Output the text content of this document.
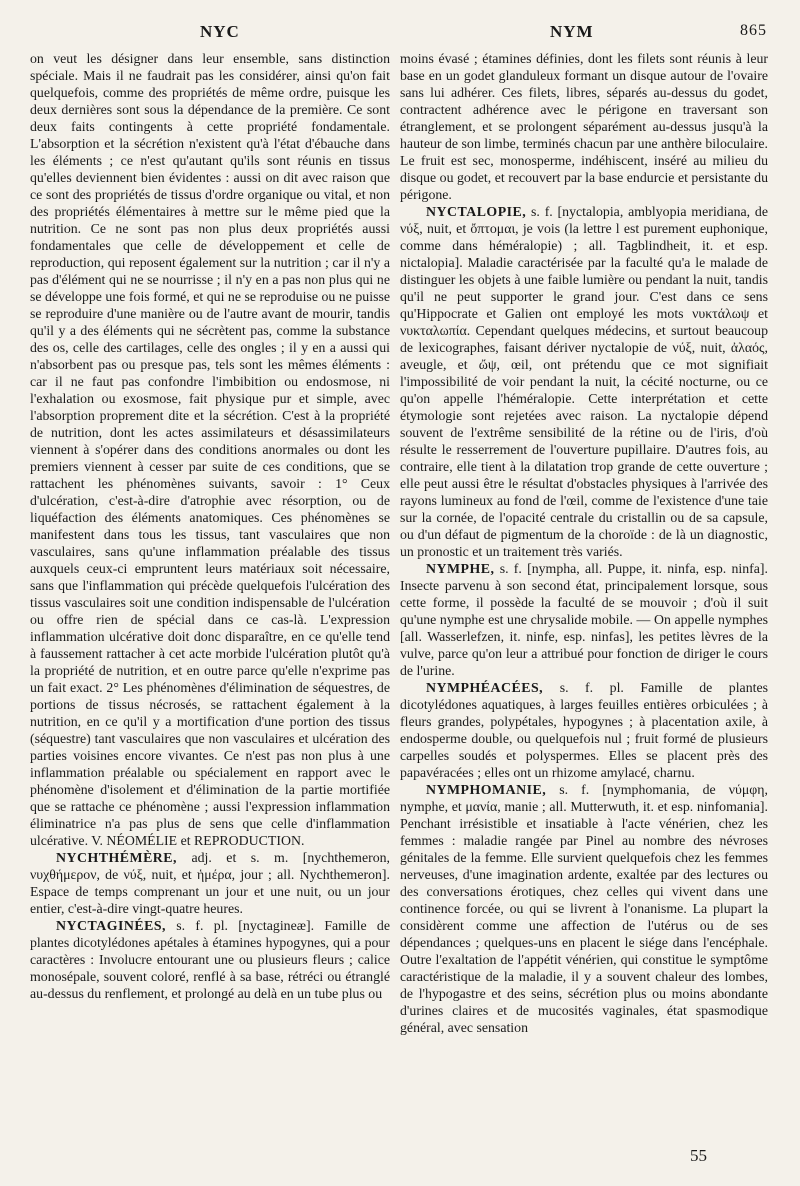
NYC	NYM	865

on veut les désigner dans leur ensemble, sans distinction spéciale. Mais il ne faudrait pas les considérer, ainsi qu'on fait quelquefois, comme des propriétés de même ordre, puisque les deux dernières sont sous la dépendance de la première. Ce sont deux faits contingents à cette propriété fondamentale. L'absorption et la sécrétion n'existent qu'à l'état d'ébauche dans les éléments ; ce n'est qu'autant qu'ils sont réunis en tissus qu'elles deviennent bien évidentes : aussi on dit avec raison que ce sont des propriétés de tissus d'ordre organique ou vital, et non des propriétés élémentaires à mettre sur le même pied que la nutrition. Ce ne sont pas non plus deux propriétés aussi fondamentales que celle de développement et celle de reproduction, qui reposent également sur la nutrition ; car il n'y a pas d'élément qui ne se nourrisse ; il n'y en a pas non plus qui ne se développe une fois formé, et qui ne se reproduise ou ne puisse se reproduire d'une manière ou de l'autre avant de mourir, tandis qu'il y a des éléments qui ne sécrètent pas, comme la substance des os, celle des cartilages, celle des ongles ; il y en a aussi qui n'absorbent pas ou presque pas, tels sont les mêmes éléments : car il ne faut pas confondre l'imbibition ou endosmose, ni l'exhalation ou exosmose, fait physique pur et simple, avec l'absorption proprement dite et la sécrétion. C'est à la propriété de nutrition, dont les actes assimilateurs et désassimilateurs viennent à s'opérer dans des conditions anormales ou dont les premiers viennent à cesser par suite de ces conditions, que se rattachent les phénomènes suivants, savoir : 1° Ceux d'ulcération, c'est-à-dire d'atrophie avec résorption, ou de liquéfaction des éléments anatomiques. Ces phénomènes se manifestent dans tous les tissus, tant vasculaires que non vasculaires, sans qu'une inflammation préalable des tissus auxquels ceux-ci empruntent leurs matériaux soit nécessaire, sans que l'inflammation qui précède quelquefois l'ulcération des tissus vasculaires soit une condition indispensable de l'ulcération ou offre rien de spécial dans ce cas-là. L'expression inflammation ulcérative doit donc disparaître, en ce qu'elle tend à faussement rattacher à cet acte morbide l'ulcération plutôt qu'à la propriété de nutrition, et en outre parce qu'elle n'exprime pas un fait exact. 2° Les phénomènes d'élimination de séquestres, de portions de tissus nécrosés, se rattachent également à la nutrition, en ce qu'il y a mortification d'une portion des tissus (séquestre) tant vasculaires que non vasculaires et ulcération des parties voisines encore vivantes. Ce n'est pas non plus à une inflammation préalable ou spécialement en rapport avec le phénomène d'isolement et d'élimination de la partie mortifiée que se rattache ce phénomène ; aussi l'expression inflammation éliminatrice n'a pas plus de sens que celle d'inflammation ulcérative. V. NÉOMÉLIE et REPRODUCTION.

NYCHTHÉMÈRE, adj. et s. m. [nychthemeron, νυχθήμερον, de νύξ, nuit, et ἡμέρα, jour ; all. Nychthemeron]. Espace de temps comprenant un jour et une nuit, ou un jour entier, c'est-à-dire vingt-quatre heures.

NYCTAGINÉES, s. f. pl. [nyctagineæ]. Famille de plantes dicotylédones apétales à étamines hypogynes, qui a pour caractères : Involucre entourant une ou plusieurs fleurs ; calice monosépale, souvent coloré, renflé à sa base, rétréci ou étranglé au-dessus du renflement, et prolongé au delà en un tube plus ou

moins évasé ; étamines définies, dont les filets sont réunis à leur base en un godet glanduleux formant un disque autour de l'ovaire sans lui adhérer. Ces filets, libres, séparés au-dessus du godet, contractent adhérence avec le périgone en traversant son étranglement, et se prolongent séparément au-dessus jusqu'à la hauteur de son limbe, terminés chacun par une anthère biloculaire. Le fruit est sec, monosperme, indéhiscent, inséré au milieu du disque ou godet, et recouvert par la base endurcie et persistante du périgone.

NYCTALOPIE, s. f. [nyctalopia, amblyopia meridiana, de νύξ, nuit, et ὄπτομαι, je vois (la lettre l est purement euphonique, comme dans héméralopie) ; all. Tagblindheit, it. et esp. nictalopia]. Maladie caractérisée par la faculté qu'a le malade de distinguer les objets à une faible lumière ou pendant la nuit, tandis qu'il ne peut supporter le grand jour. C'est dans ce sens qu'Hippocrate et Galien ont employé les mots νυκτάλωψ et νυκταλωπία. Cependant quelques médecins, et surtout beaucoup de lexicographes, faisant dériver nyctalopie de νύξ, nuit, ἀλαός, aveugle, et ὤψ, œil, ont prétendu que ce mot signifiait l'impossibilité de voir pendant la nuit, la cécité nocturne, ou ce qu'on appelle l'héméralopie. Cette interprétation et cette étymologie sont rejetées avec raison. La nyctalopie dépend souvent de l'extrême sensibilité de la rétine ou de l'iris, d'où résulte le resserrement de l'ouverture pupillaire. D'autres fois, au contraire, elle tient à la dilatation trop grande de cette ouverture ; elle peut aussi être le résultat d'obstacles physiques à l'arrivée des rayons lumineux au fond de l'œil, comme de l'existence d'une taie sur la cornée, de l'opacité centrale du cristallin ou de sa capsule, ou d'un défaut de pigmentum de la choroïde : de là un diagnostic, un pronostic et un traitement très variés.

NYMPHE, s. f. [nympha, all. Puppe, it. ninfa, esp. ninfa]. Insecte parvenu à son second état, principalement lorsque, sous cette forme, il possède la faculté de se mouvoir ; d'où il suit qu'une nymphe est une chrysalide mobile. — On appelle nymphes [all. Wasserlefzen, it. ninfe, esp. ninfas], les petites lèvres de la vulve, parce qu'on leur a attribué pour fonction de diriger le cours de l'urine.

NYMPHÉACÉES, s. f. pl. Famille de plantes dicotylédones aquatiques, à larges feuilles entières orbiculées ; à fleurs grandes, polypétales, hypogynes ; à placentation axile, à endosperme double, ou quelquefois nul ; fruit formé de plusieurs carpelles soudés et polyspermes. Elles se placent près des papavéracées ; elles ont un rhizome amylacé, charnu.

NYMPHOMANIE, s. f. [nymphomania, de νύμφη, nymphe, et μανία, manie ; all. Mutterwuth, it. et esp. ninfomania]. Penchant irrésistible et insatiable à l'acte vénérien, chez les femmes : maladie rangée par Pinel au nombre des névroses génitales de la femme. Elle survient quelquefois chez les femmes nerveuses, d'une imagination ardente, exaltée par des lectures ou des conversations érotiques, chez celles qui vivent dans une continence forcée, ou qui se livrent à l'onanisme. La plupart la considèrent comme une affection de l'utérus ou de ses dépendances ; quelques-uns en placent le siége dans l'encéphale. Outre l'exaltation de l'appétit vénérien, qui constitue le symptôme caractéristique de la maladie, il y a souvent chaleur des lombes, de l'hypogastre et des seins, sécrétion plus ou moins abondante d'urines claires et de mucosités vaginales, état spasmodique général, avec sensation

55
